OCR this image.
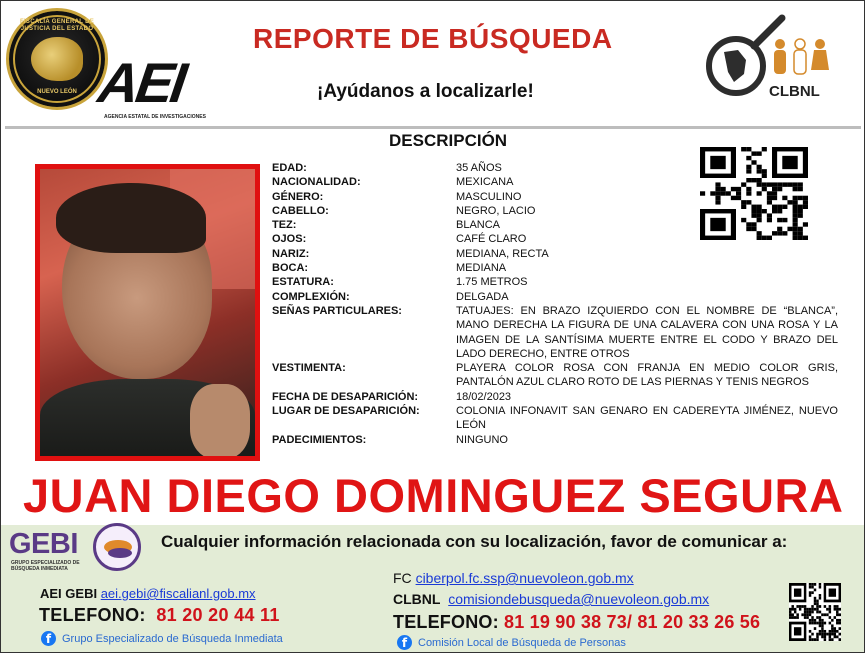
FISCALÍA GENERAL DE JUSTICIA DEL ESTADO
NUEVO LEÓN AEI
AGENCIA ESTATAL DE INVESTIGACIONES
REPORTE DE BÚSQUEDA
¡Ayúdanos a localizarle!	CLBNL
DESCRIPCIÓN
EDAD:	35 AÑOS
NACIONALIDAD:	MEXICANA
GÉNERO:	MASCULINO
CABELLO:	NEGRO, LACIO
TEZ:	BLANCA
OJOS:	CAFÉ CLARO
NARIZ:	MEDIANA, RECTA
BOCA:	MEDIANA
ESTATURA:	1.75 METROS
COMPLEXIÓN:	DELGADA
SEÑAS PARTICULARES:	TATUAJES: EN BRAZO IZQUIERDO CON EL NOMBRE DE “BLANCA”, MANO DERECHA LA FIGURA DE UNA CALAVERA CON UNA ROSA Y LA IMAGEN DE LA SANTÍSIMA MUERTE ENTRE EL CODO Y BRAZO DEL LADO DERECHO, ENTRE OTROS
VESTIMENTA:	PLAYERA COLOR ROSA CON FRANJA EN MEDIO COLOR GRIS, PANTALÓN AZUL CLARO ROTO DE LAS PIERNAS Y TENIS NEGROS
FECHA DE DESAPARICIÓN:	18/02/2023
LUGAR DE DESAPARICIÓN:	COLONIA INFONAVIT SAN GENARO EN CADEREYTA JIMÉNEZ, NUEVO LEÓN
PADECIMIENTOS:	NINGUNO
JUAN DIEGO DOMINGUEZ SEGURA
GEBI
GRUPO ESPECIALIZADO DE BÚSQUEDA INMEDIATA
Cualquier información relacionada con su localización, favor de comunicar a:
AEI GEBI aei.gebi@fiscalianl.gob.mx
TELEFONO: 81 20 20 44 11
f Grupo Especializado de Búsqueda Inmediata
FC ciberpol.fc.ssp@nuevoleon.gob.mx
CLBNL comisiondebusqueda@nuevoleon.gob.mx
TELEFONO: 81 19 90 38 73/ 81 20 33 26 56
f Comisión Local de Búsqueda de Personas
